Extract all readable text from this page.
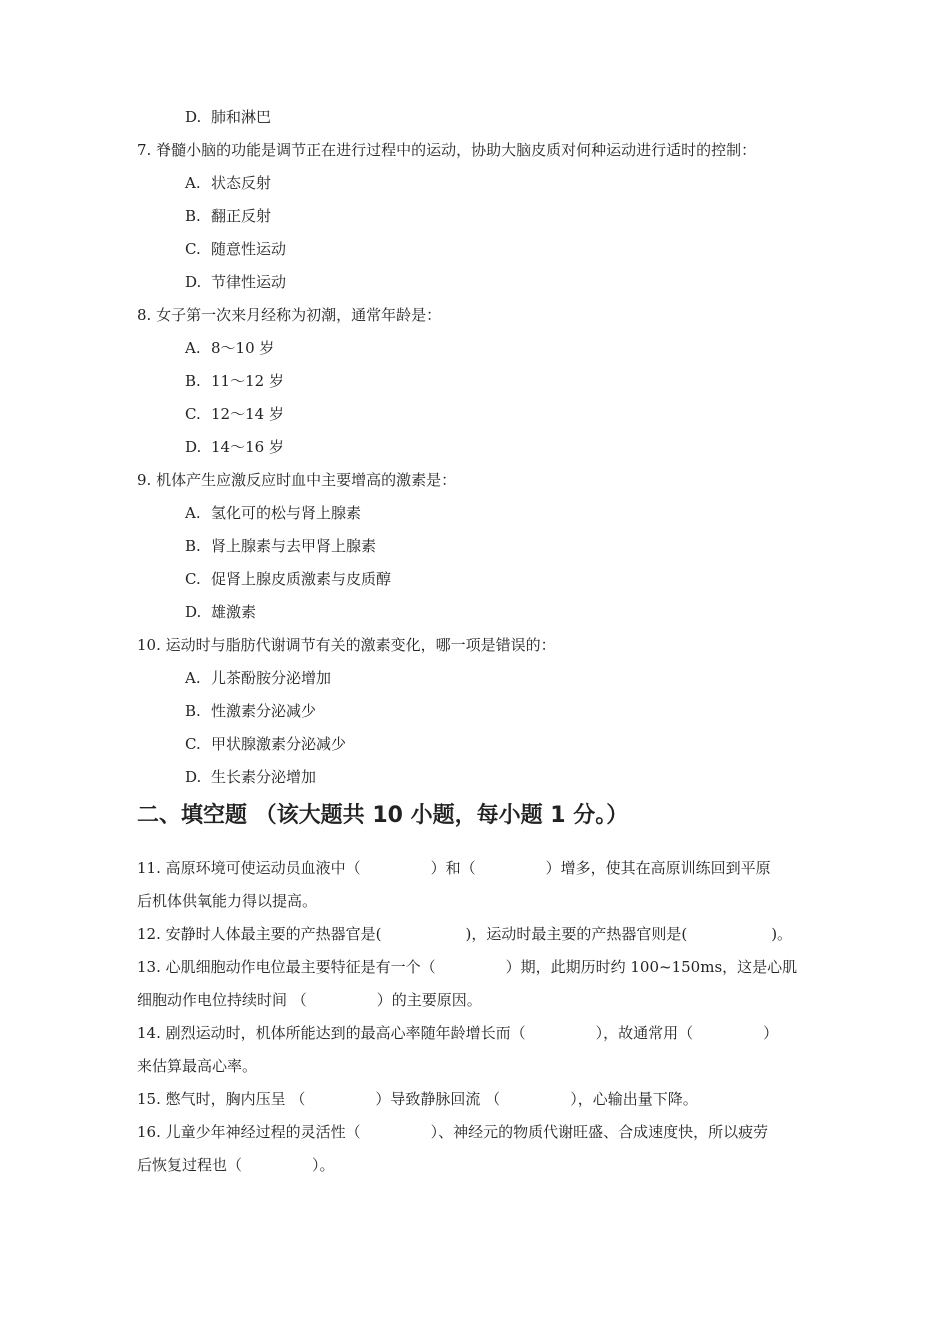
D. 肺和淋巴
7. 脊髓小脑的功能是调节正在进行过程中的运动，协助大脑皮质对何种运动进行适时的控制：
A. 状态反射
B. 翻正反射
C. 随意性运动
D. 节律性运动
8. 女子第一次来月经称为初潮，通常年龄是：
A. 8～10 岁
B. 11～12 岁
C. 12～14 岁
D. 14～16 岁
9. 机体产生应激反应时血中主要增高的激素是：
A. 氢化可的松与肾上腺素
B. 肾上腺素与去甲肾上腺素
C. 促肾上腺皮质激素与皮质醇
D. 雄激素
10. 运动时与脂肪代谢调节有关的激素变化，哪一项是错误的：
A. 儿茶酚胺分泌增加
B. 性激素分泌减少
C. 甲状腺激素分泌减少
D. 生长素分泌增加
二、填空题 （该大题共 10 小题，每小题 1 分。）
11. 高原环境可使运动员血液中（	）和（	）增多，使其在高原训练回到平原
后机体供氧能力得以提高。
12. 安静时人体最主要的产热器官是(	)，运动时最主要的产热器官则是(	)。
13. 心肌细胞动作电位最主要特征是有一个（	）期，此期历时约 100~150ms，这是心肌
细胞动作电位持续时间 （	）的主要原因。
14. 剧烈运动时，机体所能达到的最高心率随年龄增长而（	），故通常用（	）
来估算最高心率。
15. 憋气时，胸内压呈 （	）导致静脉回流 （	），心输出量下降。
16. 儿童少年神经过程的灵活性（	）、神经元的物质代谢旺盛、合成速度快，所以疲劳
后恢复过程也（	）。
